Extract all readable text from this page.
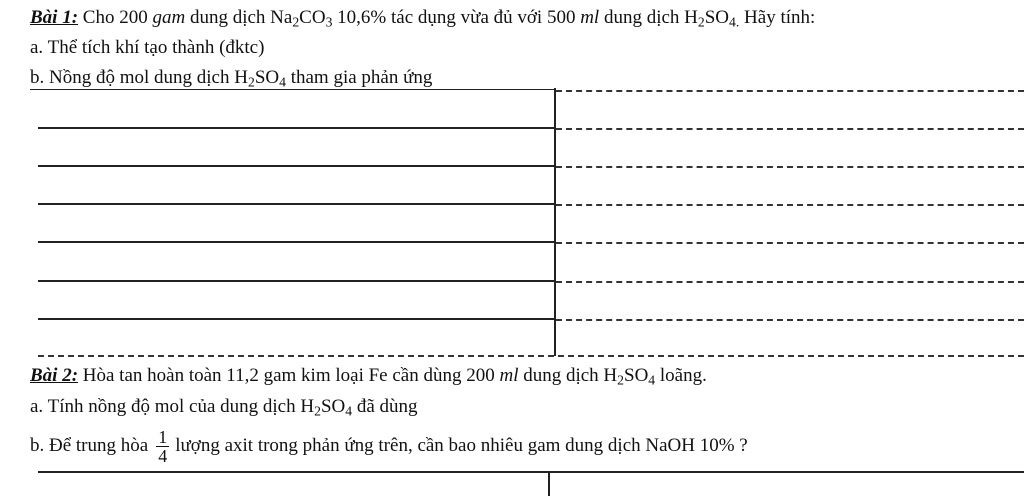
Bài 1: Cho 200 gam dung dịch $Na_2CO_3$ 10,6% tác dụng vừa đủ với 500 ml dung dịch $H_2SO_{4.}$ Hãy tính:
a. Thể tích khí tạo thành (đktc)
b. Nồng độ mol dung dịch $H_2SO_4$ tham gia phản ứng
Bài 2: Hòa tan hoàn toàn 11,2 gam kim loại Fe cần dùng 200 ml dung dịch $H_2SO_4$ loãng.
a. Tính nồng độ mol của dung dịch $H_2SO_4$ đã dùng
b. Để trung hòa $\frac{1}{4}$ lượng axit trong phản ứng trên, cần bao nhiêu gam dung dịch NaOH 10% ?
